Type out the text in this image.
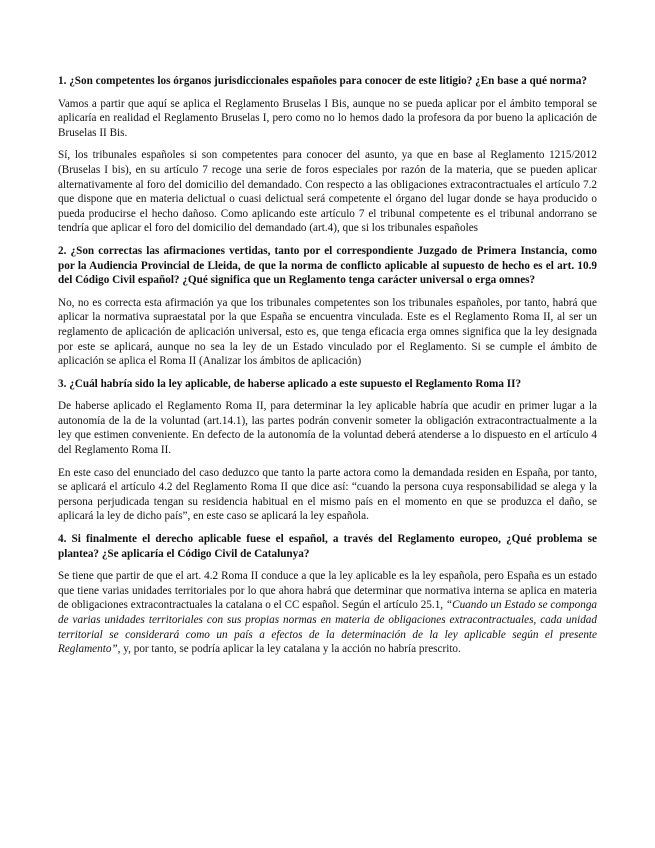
1. ¿Son competentes los órganos jurisdiccionales españoles para conocer de este litigio? ¿En base a qué norma?
Vamos a partir que aquí se aplica el Reglamento Bruselas I Bis, aunque no se pueda aplicar por el ámbito temporal se aplicaría en realidad el Reglamento Bruselas I, pero como no lo hemos dado la profesora da por bueno la aplicación de Bruselas II Bis.
Sí, los tribunales españoles si son competentes para conocer del asunto, ya que en base al Reglamento 1215/2012 (Bruselas I bis), en su artículo 7 recoge una serie de foros especiales por razón de la materia, que se pueden aplicar alternativamente al foro del domicilio del demandado. Con respecto a las obligaciones extracontractuales el artículo 7.2 que dispone que en materia delictual o cuasi delictual será competente el órgano del lugar donde se haya producido o pueda producirse el hecho dañoso. Como aplicando este artículo 7 el tribunal competente es el tribunal andorrano se tendría que aplicar el foro del domicilio del demandado (art.4), que si los tribunales españoles
2. ¿Son correctas las afirmaciones vertidas, tanto por el correspondiente Juzgado de Primera Instancia, como por la Audiencia Provincial de Lleida, de que la norma de conflicto aplicable al supuesto de hecho es el art. 10.9 del Código Civil español? ¿Qué significa que un Reglamento tenga carácter universal o erga omnes?
No, no es correcta esta afirmación ya que los tribunales competentes son los tribunales españoles, por tanto, habrá que aplicar la normativa supraestatal por la que España se encuentra vinculada. Este es el Reglamento Roma II, al ser un reglamento de aplicación de aplicación universal, esto es, que tenga eficacia erga omnes significa que la ley designada por este se aplicará, aunque no sea la ley de un Estado vinculado por el Reglamento. Si se cumple el ámbito de aplicación se aplica el Roma II (Analizar los ámbitos de aplicación)
3. ¿Cuál habría sido la ley aplicable, de haberse aplicado a este supuesto el Reglamento Roma II?
De haberse aplicado el Reglamento Roma II, para determinar la ley aplicable habría que acudir en primer lugar a la autonomía de la de la voluntad (art.14.1), las partes podrán convenir someter la obligación extracontractualmente a la ley que estimen conveniente. En defecto de la autonomía de la voluntad deberá atenderse a lo dispuesto en el artículo 4 del Reglamento Roma II.
En este caso del enunciado del caso deduzco que tanto la parte actora como la demandada residen en España, por tanto, se aplicará el artículo 4.2 del Reglamento Roma II que dice así: “cuando la persona cuya responsabilidad se alega y la persona perjudicada tengan su residencia habitual en el mismo país en el momento en que se produzca el daño, se aplicará la ley de dicho país”, en este caso se aplicará la ley española.
4. Si finalmente el derecho aplicable fuese el español, a través del Reglamento europeo, ¿Qué problema se plantea? ¿Se aplicaría el Código Civil de Catalunya?
Se tiene que partir de que el art. 4.2 Roma II conduce a que la ley aplicable es la ley española, pero España es un estado que tiene varias unidades territoriales por lo que ahora habrá que determinar que normativa interna se aplica en materia de obligaciones extracontractuales la catalana o el CC español. Según el artículo 25.1, “Cuando un Estado se componga de varias unidades territoriales con sus propias normas en materia de obligaciones extracontractuales, cada unidad territorial se considerará como un país a efectos de la determinación de la ley aplicable según el presente Reglamento”, y, por tanto, se podría aplicar la ley catalana y la acción no habría prescrito.
